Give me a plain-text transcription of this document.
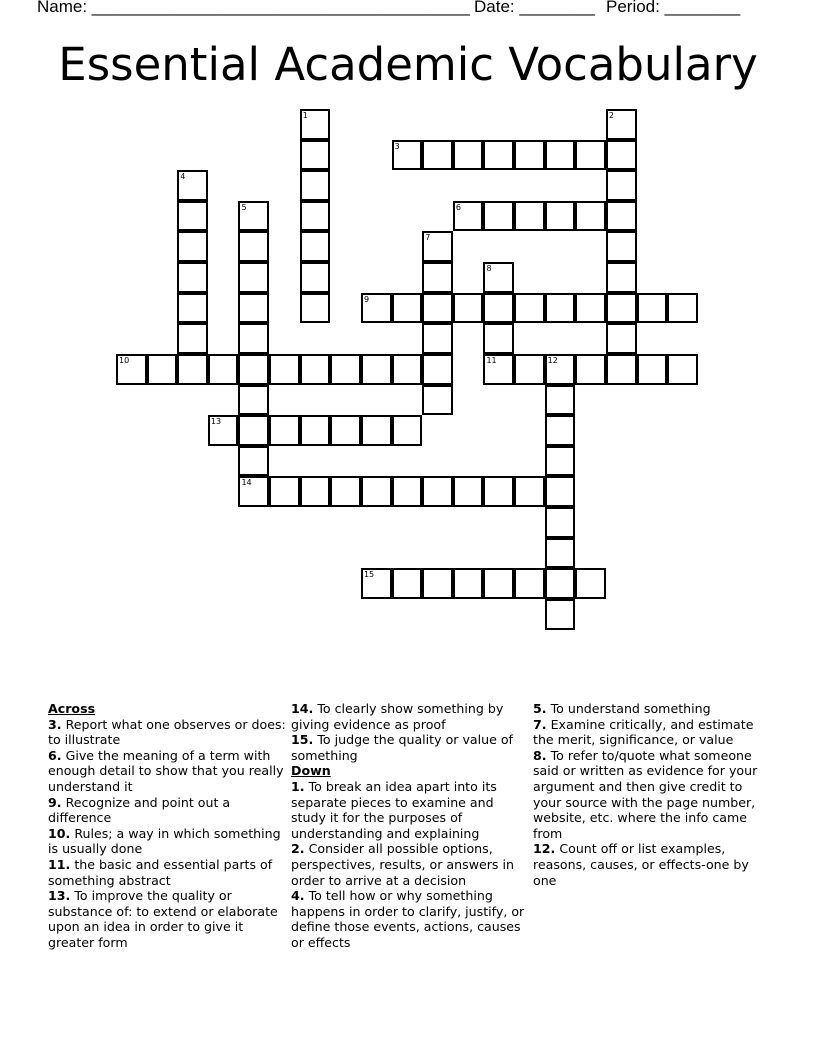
Name: ________________________________________ Date: ________ Period: ________
Essential Academic Vocabulary
1	2
3
4
5
14
6
7
8
11
9
10	12
13
15
Across
3. Report what one observes or does: to illustrate
6. Give the meaning of a term with enough detail to show that you really understand it
9. Recognize and point out a difference
10. Rules; a way in which something is usually done
11. the basic and essential parts of something abstract
13. To improve the quality or substance of: to extend or elaborate upon an idea in order to give it greater form
14. To clearly show something by giving evidence as proof
15. To judge the quality or value of something
Down
1. To break an idea apart into its separate pieces to examine and study it for the purposes of understanding and explaining
2. Consider all possible options, perspectives, results, or answers in order to arrive at a decision
4. To tell how or why something happens in order to clarify, justify, or define those events, actions, causes or effects
5. To understand something
7. Examine critically, and estimate the merit, significance, or value
8. To refer to/quote what someone said or written as evidence for your argument and then give credit to your source with the page number, website, etc. where the info came from
12. Count off or list examples, reasons, causes, or effects-one by one
